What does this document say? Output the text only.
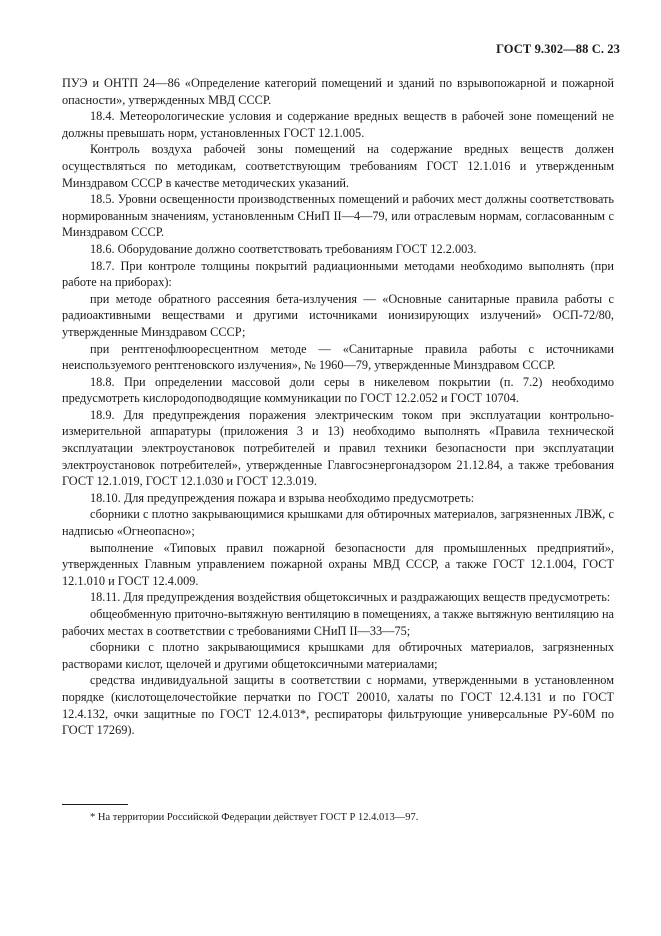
ГОСТ 9.302—88 С. 23

ПУЭ и ОНТП 24—86 «Определение категорий помещений и зданий по взрывопожарной и пожарной опасности», утвержденных МВД СССР.

18.4. Метеорологические условия и содержание вредных веществ в рабочей зоне помещений не должны превышать норм, установленных ГОСТ 12.1.005.

Контроль воздуха рабочей зоны помещений на содержание вредных веществ должен осуществляться по методикам, соответствующим требованиям ГОСТ 12.1.016 и утвержденным Минздравом СССР в качестве методических указаний.

18.5. Уровни освещенности производственных помещений и рабочих мест должны соответствовать нормированным значениям, установленным СНиП II—4—79, или отраслевым нормам, согласованным с Минздравом СССР.

18.6. Оборудование должно соответствовать требованиям ГОСТ 12.2.003.

18.7. При контроле толщины покрытий радиационными методами необходимо выполнять (при работе на приборах):

при методе обратного рассеяния бета-излучения — «Основные санитарные правила работы с радиоактивными веществами и другими источниками ионизирующих излучений» ОСП-72/80, утвержденные Минздравом СССР;

при рентгенофлюоресцентном методе — «Санитарные правила работы с источниками неиспользуемого рентгеновского излучения», № 1960—79, утвержденные Минздравом СССР.

18.8. При определении массовой доли серы в никелевом покрытии (п. 7.2) необходимо предусмотреть кислородоподводящие коммуникации по ГОСТ 12.2.052 и ГОСТ 10704.

18.9. Для предупреждения поражения электрическим током при эксплуатации контрольно-измерительной аппаратуры (приложения 3 и 13) необходимо выполнять «Правила технической эксплуатации электроустановок потребителей и правил техники безопасности при эксплуатации электроустановок потребителей», утвержденные Главгосэнергонадзором 21.12.84, а также требования ГОСТ 12.1.019, ГОСТ 12.1.030 и ГОСТ 12.3.019.

18.10. Для предупреждения пожара и взрыва необходимо предусмотреть:

сборники с плотно закрывающимися крышками для обтирочных материалов, загрязненных ЛВЖ, с надписью «Огнеопасно»;

выполнение «Типовых правил пожарной безопасности для промышленных предприятий», утвержденных Главным управлением пожарной охраны МВД СССР, а также ГОСТ 12.1.004, ГОСТ 12.1.010 и ГОСТ 12.4.009.

18.11. Для предупреждения воздействия общетоксичных и раздражающих веществ предусмотреть:

общеобменную приточно-вытяжную вентиляцию в помещениях, а также вытяжную вентиляцию на рабочих местах в соответствии с требованиями СНиП II—33—75;

сборники с плотно закрывающимися крышками для обтирочных материалов, загрязненных растворами кислот, щелочей и другими общетоксичными материалами;

средства индивидуальной защиты в соответствии с нормами, утвержденными в установленном порядке (кислотощелочестойкие перчатки по ГОСТ 20010, халаты по ГОСТ 12.4.131 и по ГОСТ 12.4.132, очки защитные по ГОСТ 12.4.013*, респираторы фильтрующие универсальные РУ-60М по ГОСТ 17269).

* На территории Российской Федерации действует ГОСТ Р 12.4.013—97.
